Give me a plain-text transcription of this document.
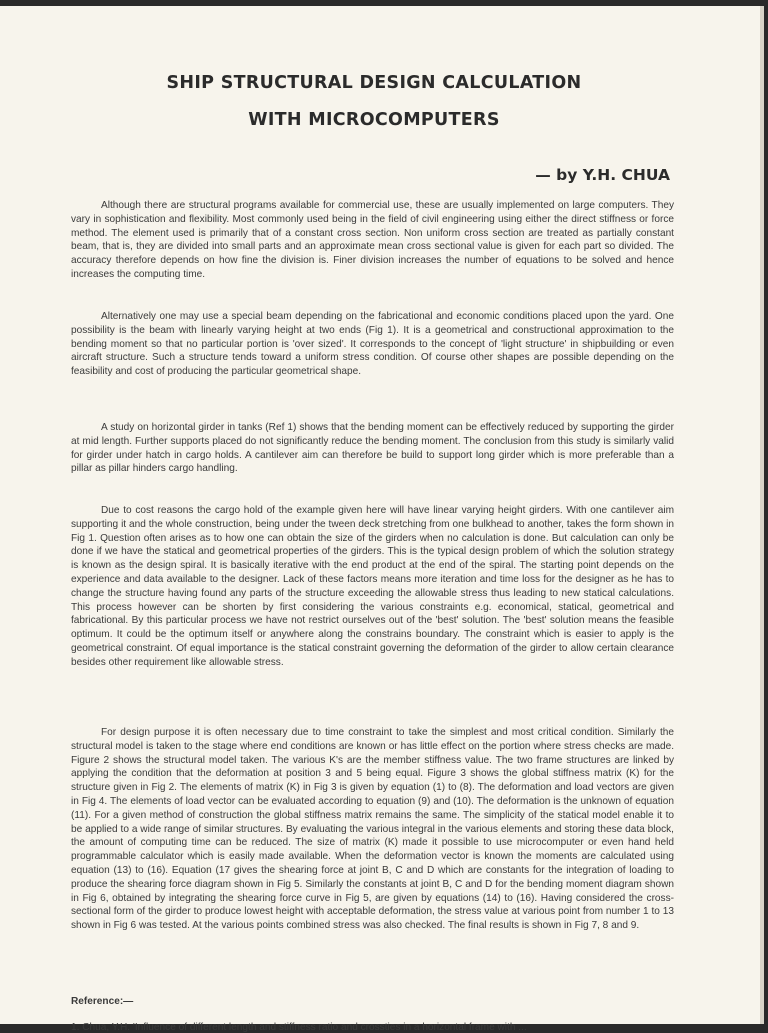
SHIP STRUCTURAL DESIGN CALCULATION
WITH MICROCOMPUTERS
— by Y.H. CHUA

Although there are structural programs available for commercial use, these are usually implemented on large computers. They vary in sophistication and flexibility. Most commonly used being in the field of civil engineering using either the direct stiffness or force method. The element used is primarily that of a constant cross section. Non uniform cross section are treated as partially constant beam, that is, they are divided into small parts and an approximate mean cross sectional value is given for each part so divided. The accuracy therefore depends on how fine the division is. Finer division increases the number of equations to be solved and hence increases the computing time.

Alternatively one may use a special beam depending on the fabricational and economic conditions placed upon the yard. One possibility is the beam with linearly varying height at two ends (Fig 1). It is a geometrical and constructional approximation to the bending moment so that no particular portion is 'over sized'. It corresponds to the concept of 'light structure' in shipbuilding or even aircraft structure. Such a structure tends toward a uniform stress condition. Of course other shapes are possible depending on the feasibility and cost of producing the particular geometrical shape.

A study on horizontal girder in tanks (Ref 1) shows that the bending moment can be effectively reduced by supporting the girder at mid length. Further supports placed do not significantly reduce the bending moment. The conclusion from this study is similarly valid for girder under hatch in cargo holds. A cantilever aim can therefore be build to support long girder which is more preferable than a pillar as pillar hinders cargo handling.

Due to cost reasons the cargo hold of the example given here will have linear varying height girders. With one cantilever aim supporting it and the whole construction, being under the tween deck stretching from one bulkhead to another, takes the form shown in Fig 1. Question often arises as to how one can obtain the size of the girders when no calculation is done. But calculation can only be done if we have the statical and geometrical properties of the girders. This is the typical design problem of which the solution strategy is known as the design spiral. It is basically iterative with the end product at the end of the spiral. The starting point depends on the experience and data available to the designer. Lack of these factors means more iteration and time loss for the designer as he has to change the structure having found any parts of the structure exceeding the allowable stress thus leading to new statical calculations. This process however can be shorten by first considering the various constraints e.g. economical, statical, geometrical and fabricational. By this particular process we have not restrict ourselves out of the 'best' solution. The 'best' solution means the feasible optimum. It could be the optimum itself or anywhere along the constrains boundary. The constraint which is easier to apply is the geometrical constraint. Of equal importance is the statical constraint governing the deformation of the girder to allow certain clearance besides other requirement like allowable stress.

For design purpose it is often necessary due to time constraint to take the simplest and most critical condition. Similarly the structural model is taken to the stage where end conditions are known or has little effect on the portion where stress checks are made. Figure 2 shows the structural model taken. The various K's are the member stiffness value. The two frame structures are linked by applying the condition that the deformation at position 3 and 5 being equal. Figure 3 shows the global stiffness matrix (K) for the structure given in Fig 2. The elements of matrix (K) in Fig 3 is given by equation (1) to (8). The deformation and load vectors are given in Fig 4. The elements of load vector can be evaluated according to equation (9) and (10). The deformation is the unknown of equation (11). For a given method of construction the global stiffness matrix remains the same. The simplicity of the statical model enable it to be applied to a wide range of similar structures. By evaluating the various integral in the various elements and storing these data block, the amount of computing time can be reduced. The size of matrix (K) made it possible to use microcomputer or even hand held programmable calculator which is easily made available. When the deformation vector is known the moments are calculated using equation (13) to (16). Equation (17 gives the shearing force at joint B, C and D which are constants for the integration of loading to produce the shearing force diagram shown in Fig 5. Similarly the constants at joint B, C and D for the bending moment diagram shown in Fig 6, obtained by integrating the shearing force curve in Fig 5, are given by equations (14) to (16). Having considered the cross-sectional form of the girder to produce lowest height with acceptable deformation, the stress value at various point from number 1 to 13 shown in Fig 6 was tested. At the various points combined stress was also checked. The final results is shown in Fig 7, 8 and 9.

Reference:—
1. Chua, Y.H. 'Influence of different length and stiffness ratio and crossties in a horizontal frame with ...
